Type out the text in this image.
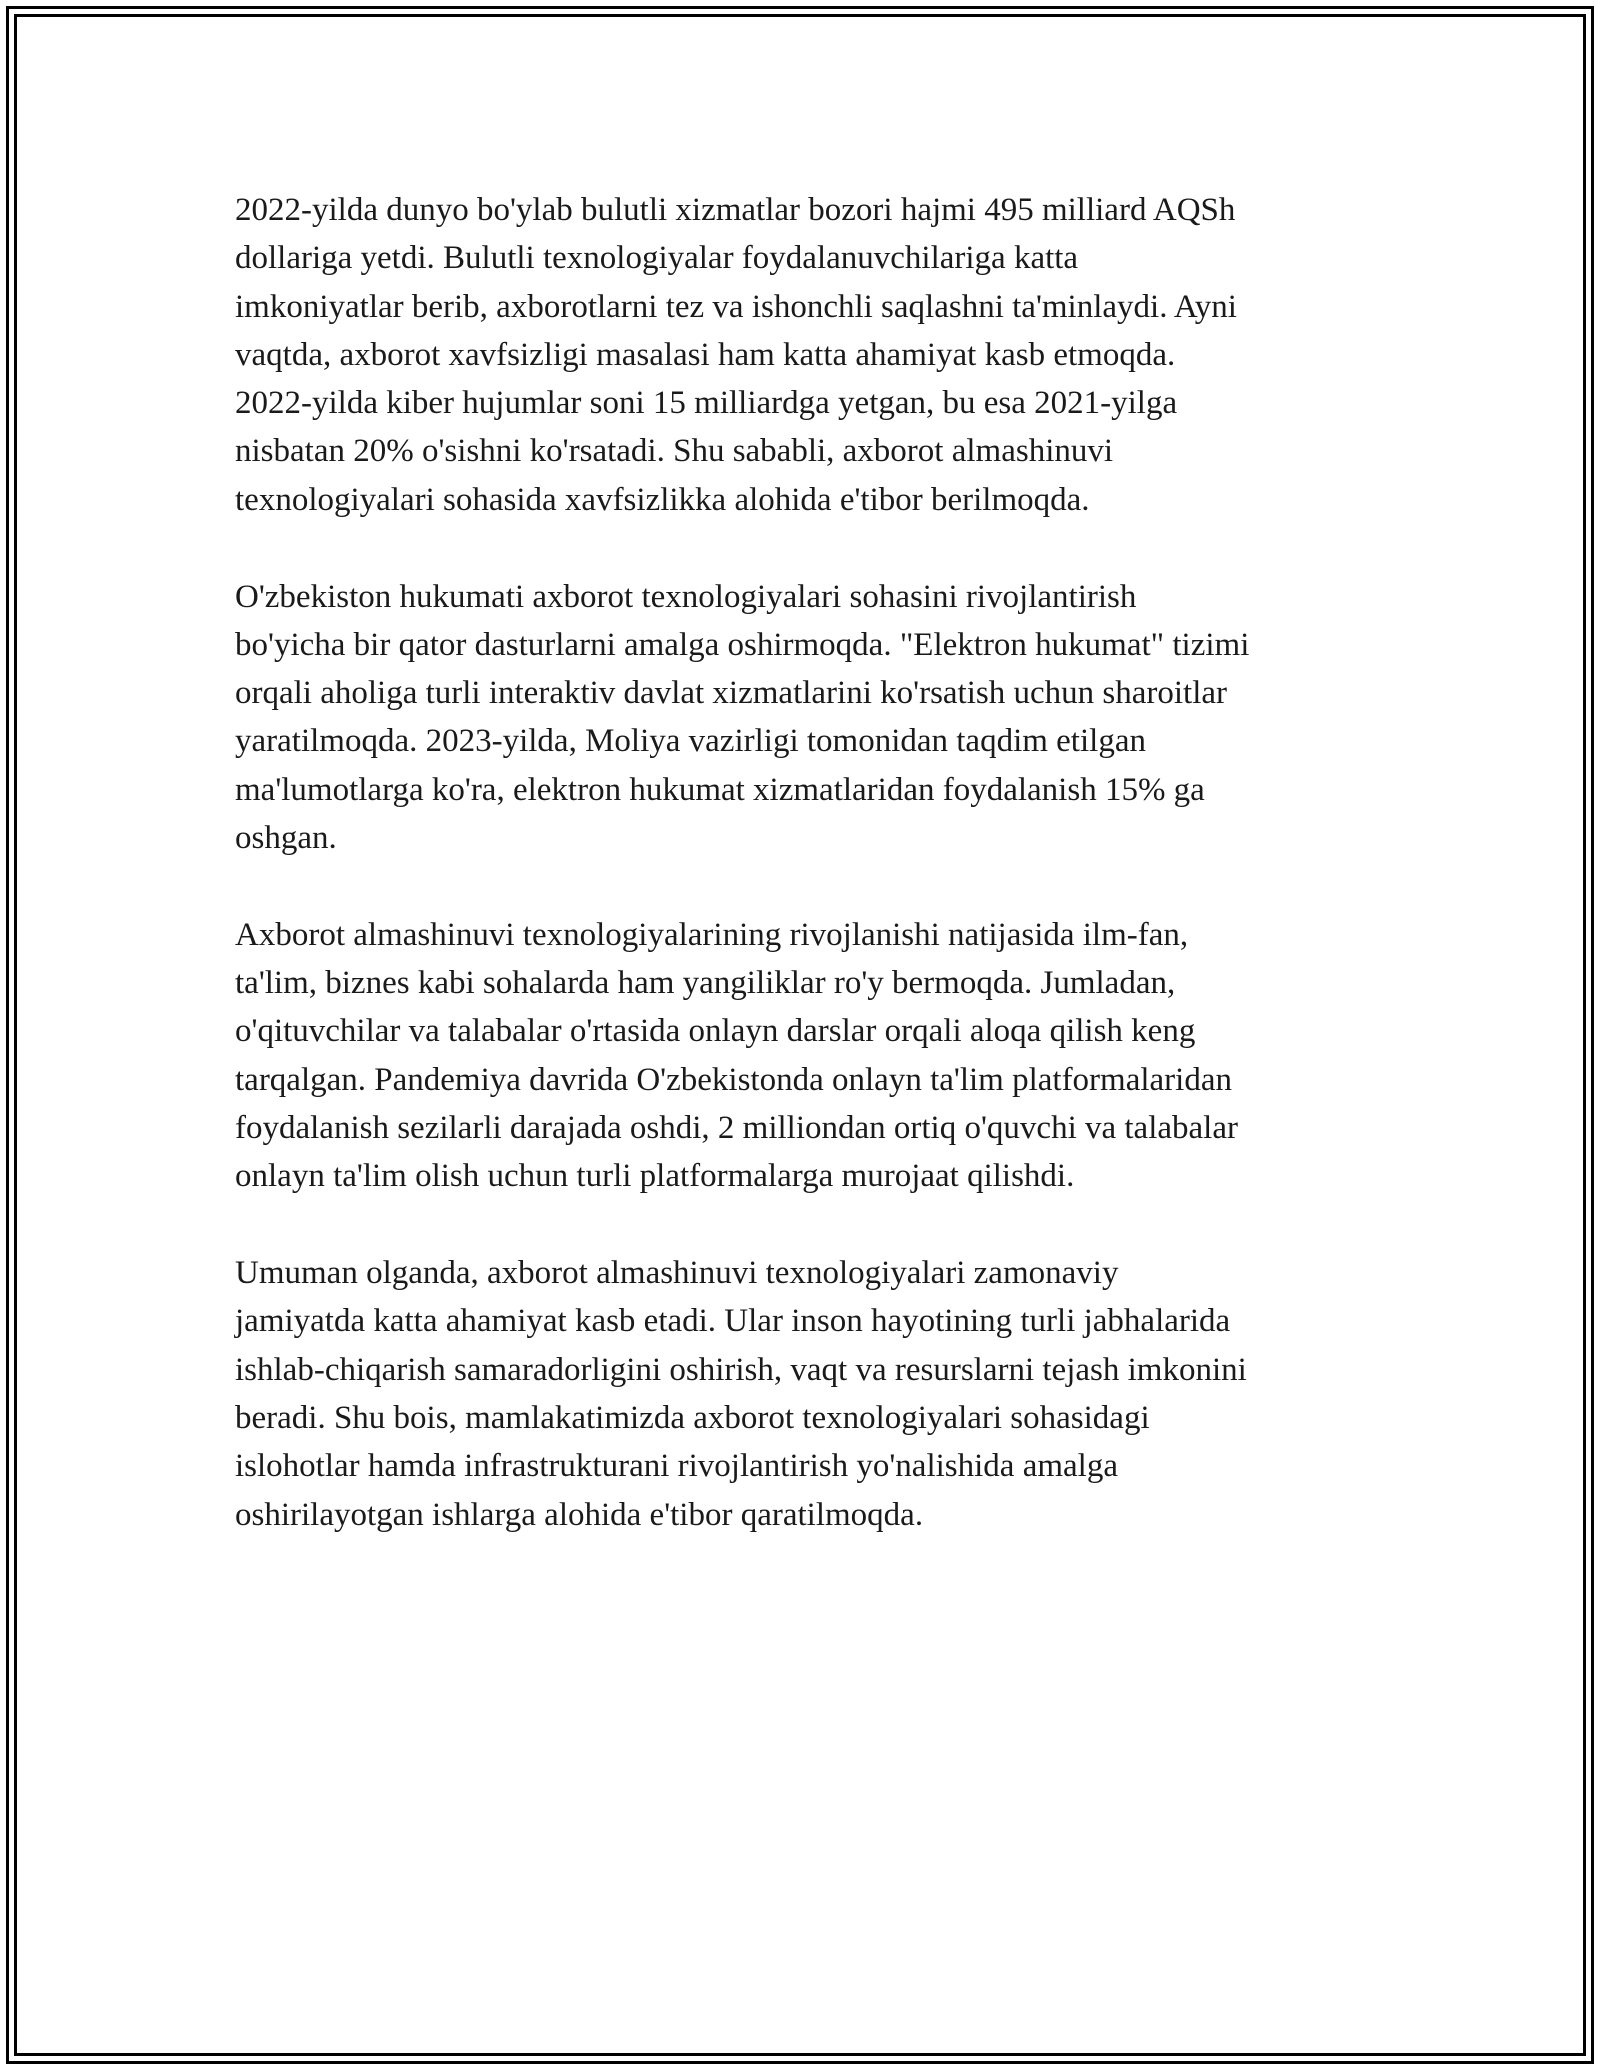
2022-yilda dunyo bo'ylab bulutli xizmatlar bozori hajmi 495 milliard AQSh
dollariga yetdi. Bulutli texnologiyalar foydalanuvchilariga katta
imkoniyatlar berib, axborotlarni tez va ishonchli saqlashni ta'minlaydi. Ayni
vaqtda, axborot xavfsizligi masalasi ham katta ahamiyat kasb etmoqda.
2022-yilda kiber hujumlar soni 15 milliardga yetgan, bu esa 2021-yilga
nisbatan 20% o'sishni ko'rsatadi. Shu sababli, axborot almashinuvi
texnologiyalari sohasida xavfsizlikka alohida e'tibor berilmoqda.

O'zbekiston hukumati axborot texnologiyalari sohasini rivojlantirish
bo'yicha bir qator dasturlarni amalga oshirmoqda. "Elektron hukumat" tizimi
orqali aholiga turli interaktiv davlat xizmatlarini ko'rsatish uchun sharoitlar
yaratilmoqda. 2023-yilda, Moliya vazirligi tomonidan taqdim etilgan
ma'lumotlarga ko'ra, elektron hukumat xizmatlaridan foydalanish 15% ga
oshgan.

Axborot almashinuvi texnologiyalarining rivojlanishi natijasida ilm-fan,
ta'lim, biznes kabi sohalarda ham yangiliklar ro'y bermoqda. Jumladan,
o'qituvchilar va talabalar o'rtasida onlayn darslar orqali aloqa qilish keng
tarqalgan. Pandemiya davrida O'zbekistonda onlayn ta'lim platformalaridan
foydalanish sezilarli darajada oshdi, 2 milliondan ortiq o'quvchi va talabalar
onlayn ta'lim olish uchun turli platformalarga murojaat qilishdi.

Umuman olganda, axborot almashinuvi texnologiyalari zamonaviy
jamiyatda katta ahamiyat kasb etadi. Ular inson hayotining turli jabhalarida
ishlab-chiqarish samaradorligini oshirish, vaqt va resurslarni tejash imkonini
beradi. Shu bois, mamlakatimizda axborot texnologiyalari sohasidagi
islohotlar hamda infrastrukturani rivojlantirish yo'nalishida amalga
oshirilayotgan ishlarga alohida e'tibor qaratilmoqda.
